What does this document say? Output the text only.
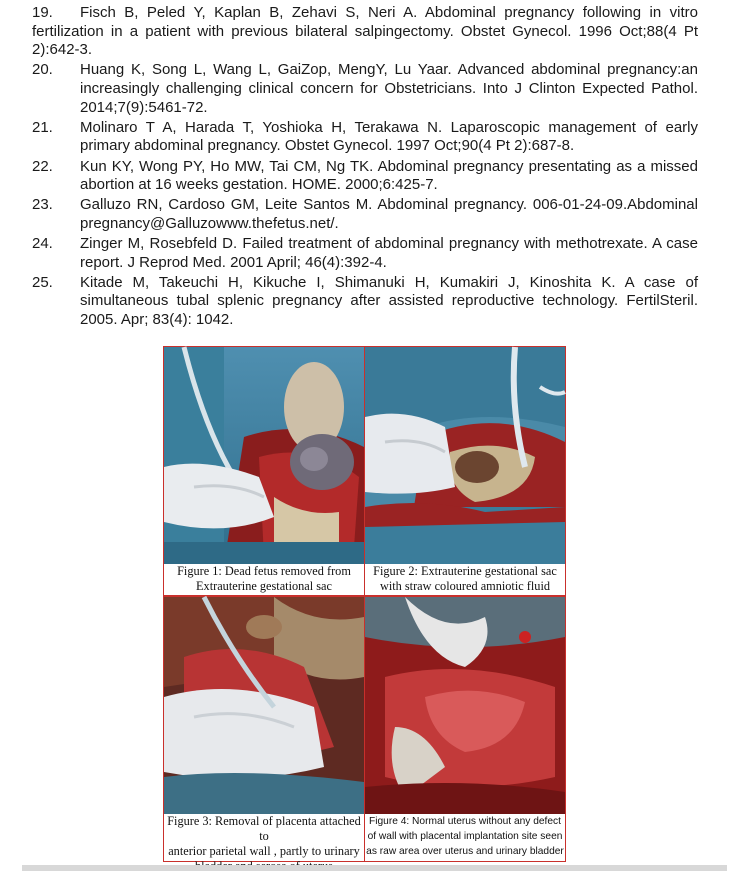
19. Fisch B, Peled Y, Kaplan B, Zehavi S, Neri A. Abdominal pregnancy following in vitro fertilization in a patient with previous bilateral salpingectomy. Obstet Gynecol. 1996 Oct;88(4 Pt 2):642-3.
20. Huang K, Song L, Wang L, GaiZop, MengY, Lu Yaar. Advanced abdominal pregnancy:an increasingly challenging clinical concern for Obstetricians. Into J Clinton Expected Pathol. 2014;7(9):5461-72.
21. Molinaro T A, Harada T, Yoshioka H, Terakawa N. Laparoscopic management of early primary abdominal pregnancy. Obstet Gynecol. 1997 Oct;90(4 Pt 2):687-8.
22. Kun KY, Wong PY, Ho MW, Tai CM, Ng TK. Abdominal pregnancy presentating as a missed abortion at 16 weeks gestation. HOME. 2000;6:425-7.
23. Galluzo RN, Cardoso GM, Leite Santos M. Abdominal pregnancy. 006-01-24-09.Abdominal pregnancy@Galluzowww.thefetus.net/.
24. Zinger M, Rosebfeld D. Failed treatment of abdominal pregnancy with methotrexate. A case report. J Reprod Med. 2001 April; 46(4):392-4.
25. Kitade M, Takeuchi H, Kikuche I, Shimanuki H, Kumakiri J, Kinoshita K. A case of simultaneous tubal splenic pregnancy after assisted reproductive technology. FertilSteril. 2005. Apr; 83(4): 1042.
Figure 1: Dead fetus removed from
Extrauterine gestational sac
Figure 2: Extrauterine gestational sac
with straw coloured amniotic fluid
Figure 3: Removal of placenta attached to
anterior parietal wall , partly to urinary
Figure 4: Normal uterus without any defect
of wall with placental implantation site seen
as raw area over uterus and urinary bladder
